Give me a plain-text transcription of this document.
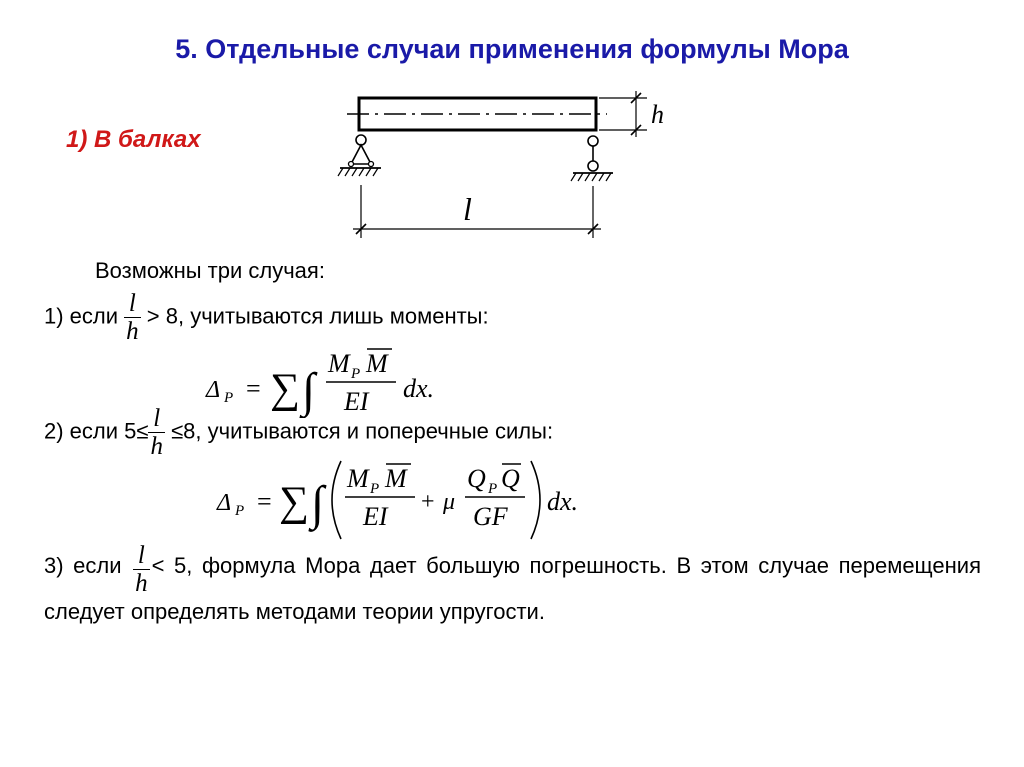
5. Отдельные случаи применения формулы Мора
1) В балках
h
l
Возможны три случая:
1) если $\frac{l}{h} > 8$, учитываются лишь моменты:
Δ P = ∑ ∫
M P M
EI dx.
2) если $5\le \frac{l}{h} \le 8$, учитываются и поперечные силы:
Δ P = ∑ ∫ M P M
EI + μ
Q P Q
GF
dx.
3) если $\frac{l}{h} < 5$, формула Мора дает большую погрешность. В этом случае перемещения следует определять методами теории упругости.
